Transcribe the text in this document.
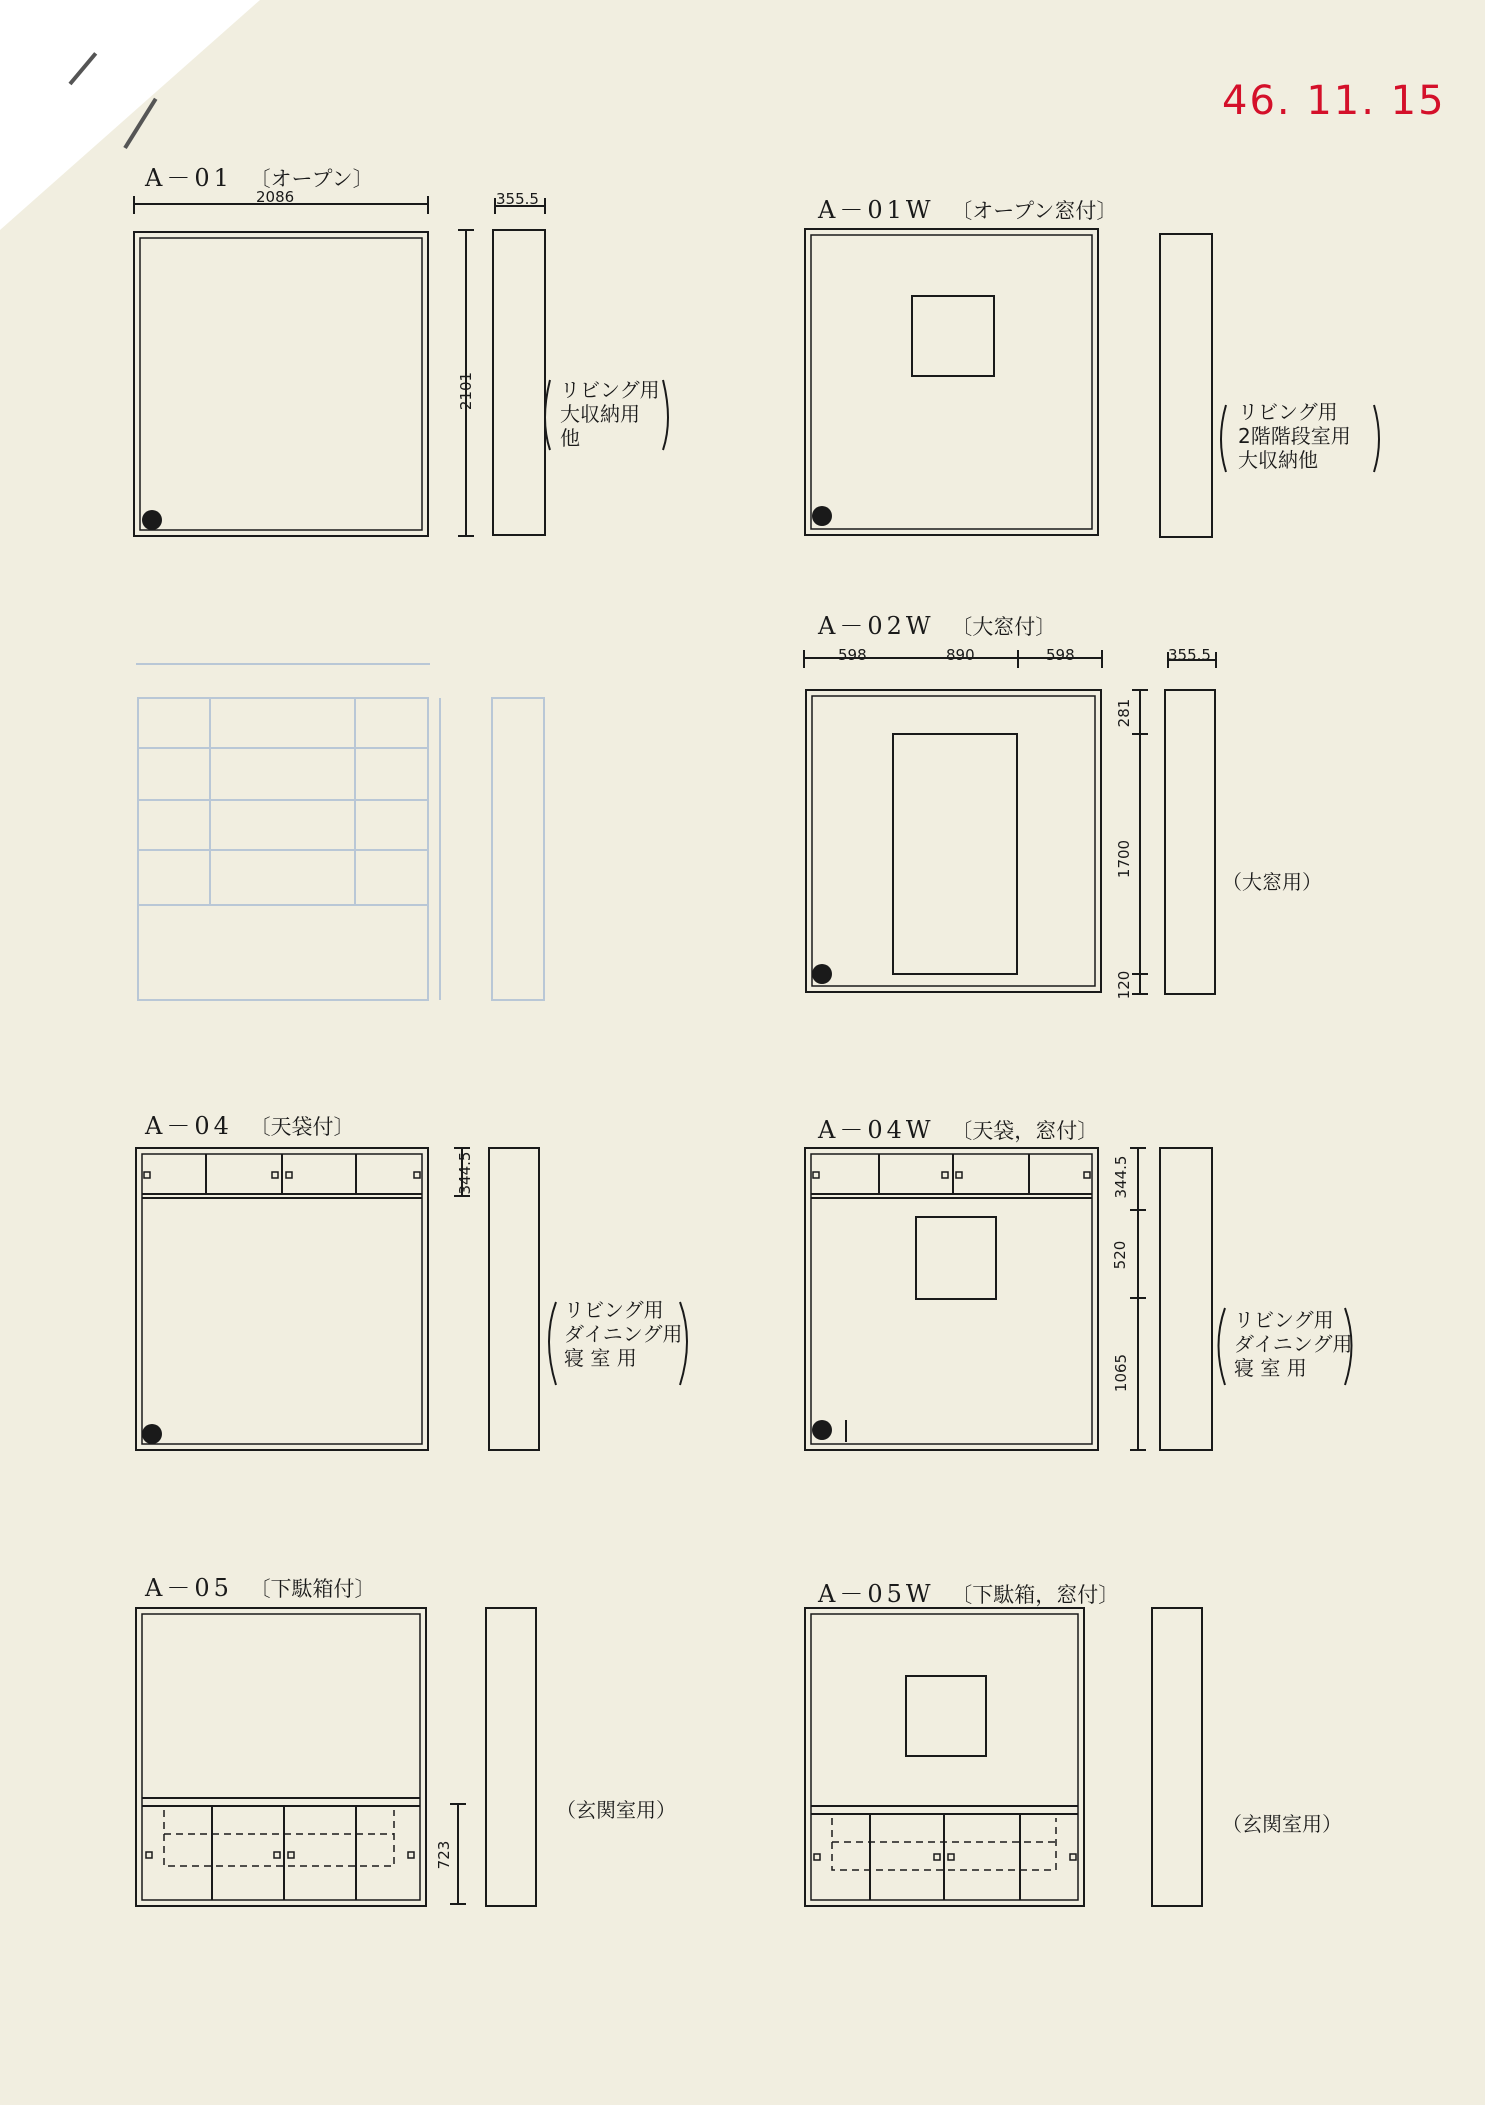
46. 11. 15
A－01 〔オープン〕
2086	355.5
2101	リビング用
大収納用
他
A－01W 〔オープン窓付〕
リビング用
2階階段室用
大収納他
A－02W 〔大窓付〕
598	890	598	355.5
281
1700
120
（大窓用）
A－04 〔天袋付〕
344.5
リビング用
ダイニング用
寝 室 用
A－04W 〔天袋，窓付〕
344.5
520
1065
リビング用
ダイニング用
寝 室 用
A－05 〔下駄箱付〕
723
（玄関室用）
A－05W 〔下駄箱，窓付〕
（玄関室用）
